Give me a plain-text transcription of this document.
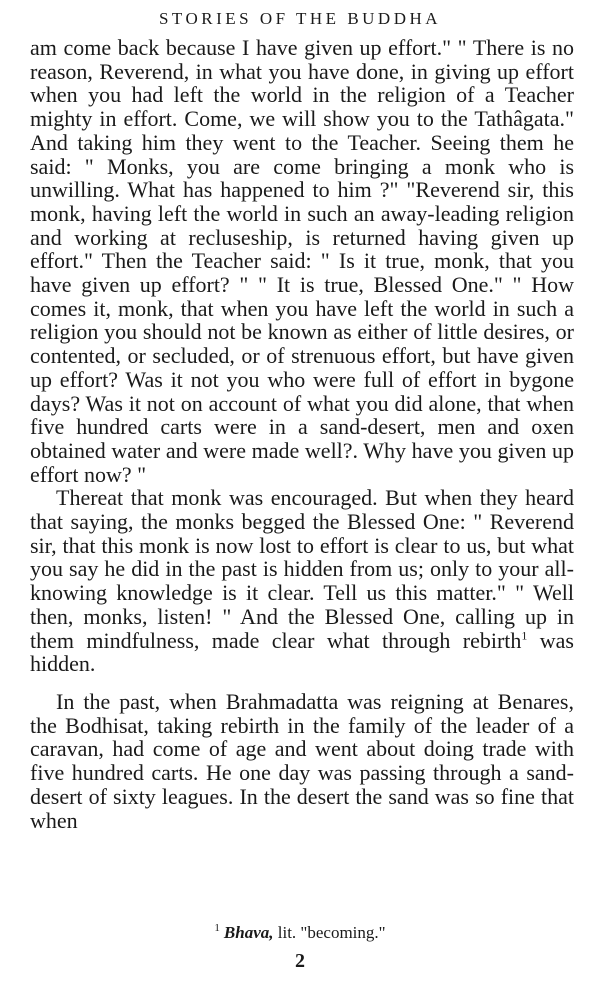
STORIES OF THE BUDDHA

am come back because I have given up effort." " There is no reason, Reverend, in what you have done, in giving up effort when you had left the world in the religion of a Teacher mighty in effort. Come, we will show you to the Tathâgata." And taking him they went to the Teacher. Seeing them he said: " Monks, you are come bringing a monk who is unwilling. What has happened to him ?" "Reverend sir, this monk, having left the world in such an away-leading religion and working at recluseship, is returned having given up effort." Then the Teacher said: " Is it true, monk, that you have given up effort? " " It is true, Blessed One." " How comes it, monk, that when you have left the world in such a religion you should not be known as either of little desires, or contented, or secluded, or of strenuous effort, but have given up effort? Was it not you who were full of effort in bygone days? Was it not on account of what you did alone, that when five hundred carts were in a sand-desert, men and oxen obtained water and were made well?. Why have you given up effort now? "

Thereat that monk was encouraged. But when they heard that saying, the monks begged the Blessed One: " Reverend sir, that this monk is now lost to effort is clear to us, but what you say he did in the past is hidden from us; only to your all-knowing knowledge is it clear. Tell us this matter." " Well then, monks, listen! " And the Blessed One, calling up in them mindfulness, made clear what through rebirth$^1$ was hidden.

In the past, when Brahmadatta was reigning at Benares, the Bodhisat, taking rebirth in the family of the leader of a caravan, had come of age and went about doing trade with five hundred carts. He one day was passing through a sand-desert of sixty leagues. In the desert the sand was so fine that when

$^1$ Bhava, lit. "becoming."
2
